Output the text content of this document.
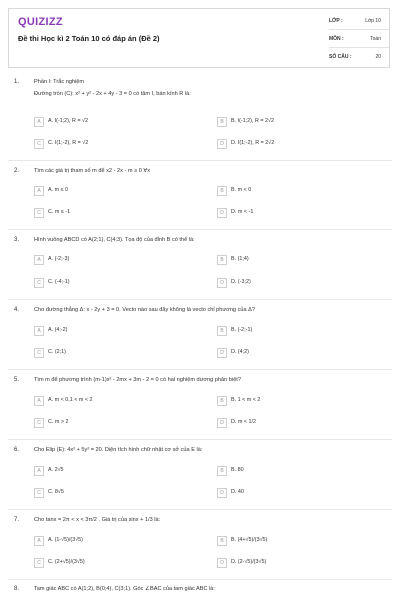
QUIZIZZ
Đề thi Học kì 2 Toán 10 có đáp án (Đề 2)
LỚP :	Lớp 10
MÔN :	Toán
SỐ CÂU :	20
1.	Phần I: Trắc nghiệm
Đường tròn (C): x² + y² - 2x + 4y - 3 = 0 có tâm I, bán kính R là:
A	A. I(-1;2), R = √2	B	B. I(-1;2), R = 2√2
C	C. I(1;-2), R = √2	D	D. I(1;-2), R = 2√2
2.	Tìm các giá trị tham số m để x2 - 2x - m ≥ 0 ∀x
A	A. m ≤ 0	B	B. m < 0
C	C. m ≤ -1	D	D. m < -1
3.	Hình vuông ABCD có A(2;1), C(4;3). Tọa độ của đỉnh B có thể là:
A	A. (-2;-3)	B	B. (1;4)
C	C. (-4;-1)	D	D. (-3;2)
4.	Cho đường thẳng Δ: x - 2y + 3 = 0. Vecto nào sau đây không là vecto chỉ phương của Δ?
A	A. (4;-2)	B	B. (-2;-1)
C	C. (2;1)	D	D. (4;2)
5.	Tìm m để phương trình (m-1)x² - 2mx + 3m - 2 = 0 có hai nghiệm dương phân biệt?
A	A. m < 0,1 < m < 2	B	B. 1 < m < 2
C	C. m > 2	D	D. m < 1/2
6.	Cho Elip (E): 4x² + 5y² = 20. Diện tích hình chữ nhật cơ sở của E là:
A	A. 2√5	B	B. 80
C	C. 8√5	D	D. 40
7.	Cho tanx = 2π < x < 3π/2 . Giá trị của sinx + 1/3 là:
A	A. (1-√5)/(3√5)	B	B. (4+√5)/(3√5)
C	C. (2+√5)/(3√5)	D	D. (2-√5)/(3√5)
8.	Tam giác ABC có A(1;2), B(0;4), C(3;1). Góc ∠BAC của tam giác ABC là:
